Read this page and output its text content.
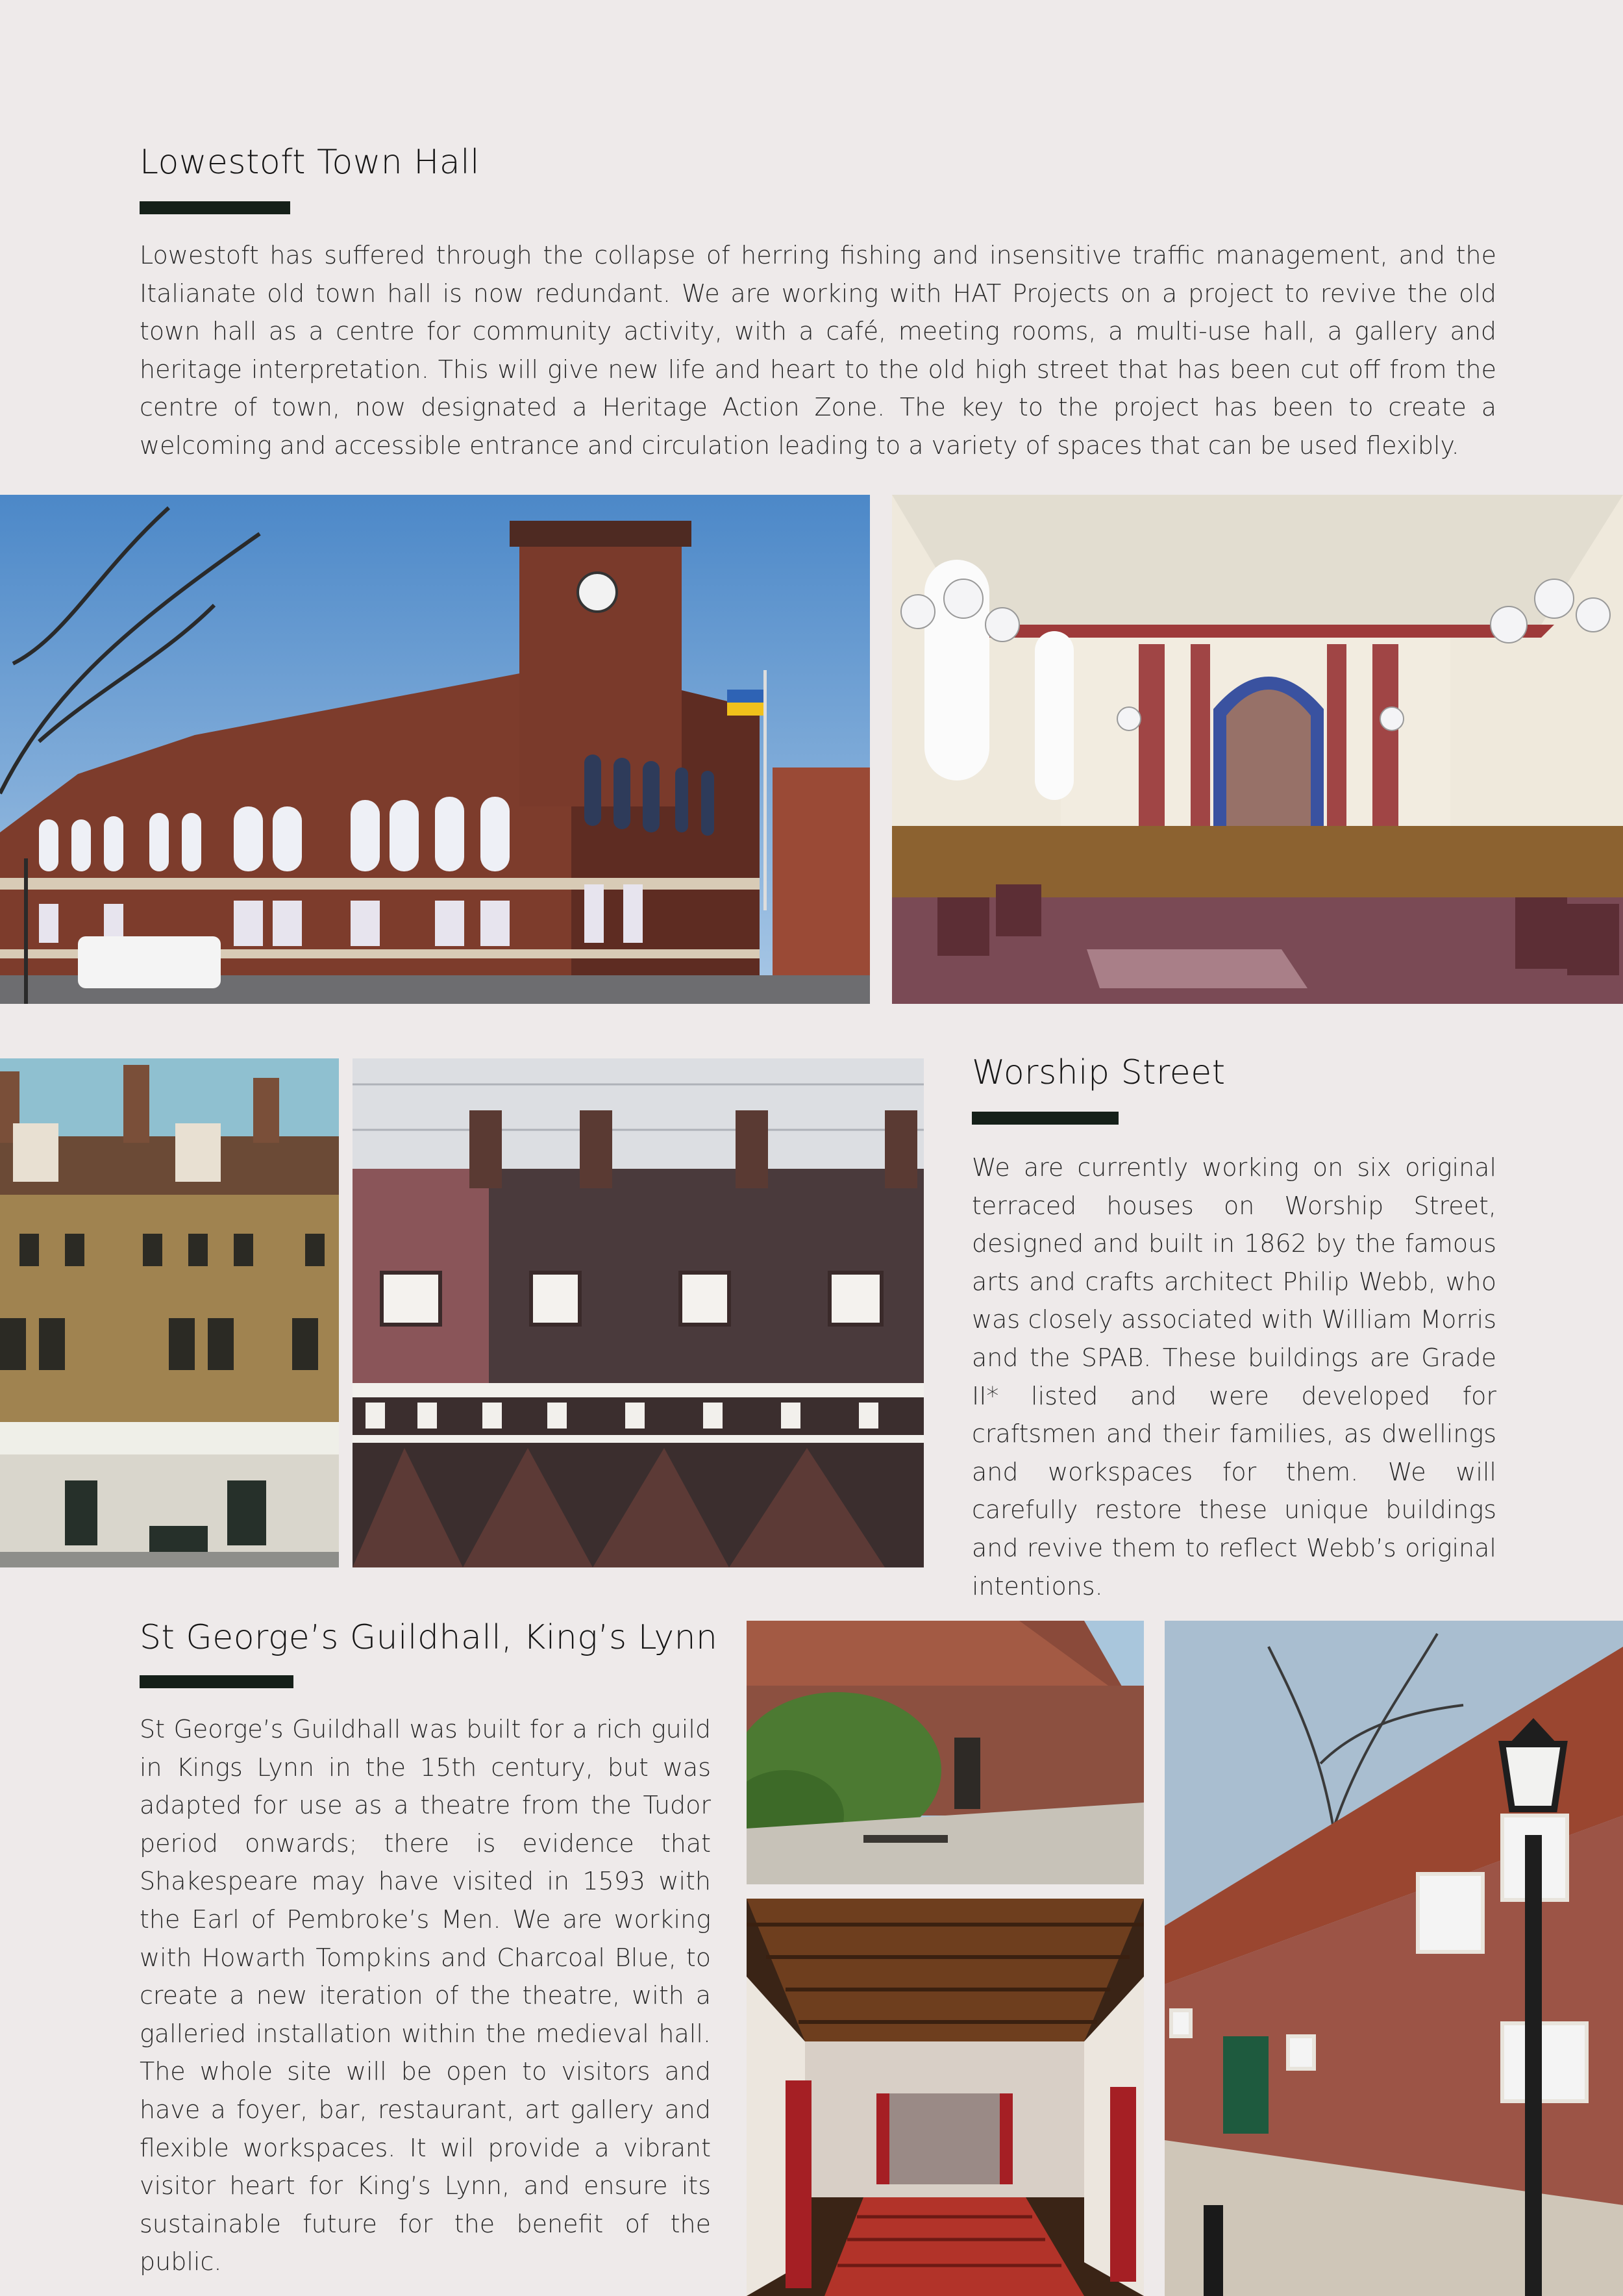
Lowestoft Town Hall

Lowestoft has suffered through the collapse of herring fishing and insensitive traffic management, and the Italianate old town hall is now redundant. We are working with HAT Projects on a project to revive the old town hall as a centre for community activity, with a café, meeting rooms, a multi-use hall, a gallery and heritage interpretation. This will give new life and heart to the old high street that has been cut off from the centre of town, now designated a Heritage Action Zone. The key to the project has been to create a welcoming and accessible entrance and circulation leading to a variety of spaces that can be used flexibly.

Worship Street

We are currently working on six original terraced houses on Worship Street, designed and built in 1862 by the famous arts and crafts architect Philip Webb, who was closely associated with William Morris and the SPAB. These buildings are Grade II* listed and were developed for craftsmen and their families, as dwellings and workspaces for them. We will carefully restore these unique buildings and revive them to reflect Webb’s original intentions.

St George’s Guildhall, King’s Lynn

St George’s Guildhall was built for a rich guild in Kings Lynn in the 15th century, but was adapted for use as a theatre from the Tudor period onwards; there is evidence that Shakespeare may have visited in 1593 with the Earl of Pembroke’s Men. We are working with Howarth Tompkins and Charcoal Blue, to create a new iteration of the theatre, with a galleried installation within the medieval hall. The whole site will be open to visitors and have a foyer, bar, restaurant, art gallery and flexible workspaces. It wil provide a vibrant visitor heart for King’s Lynn, and ensure its sustainable future for the benefit of the public.
